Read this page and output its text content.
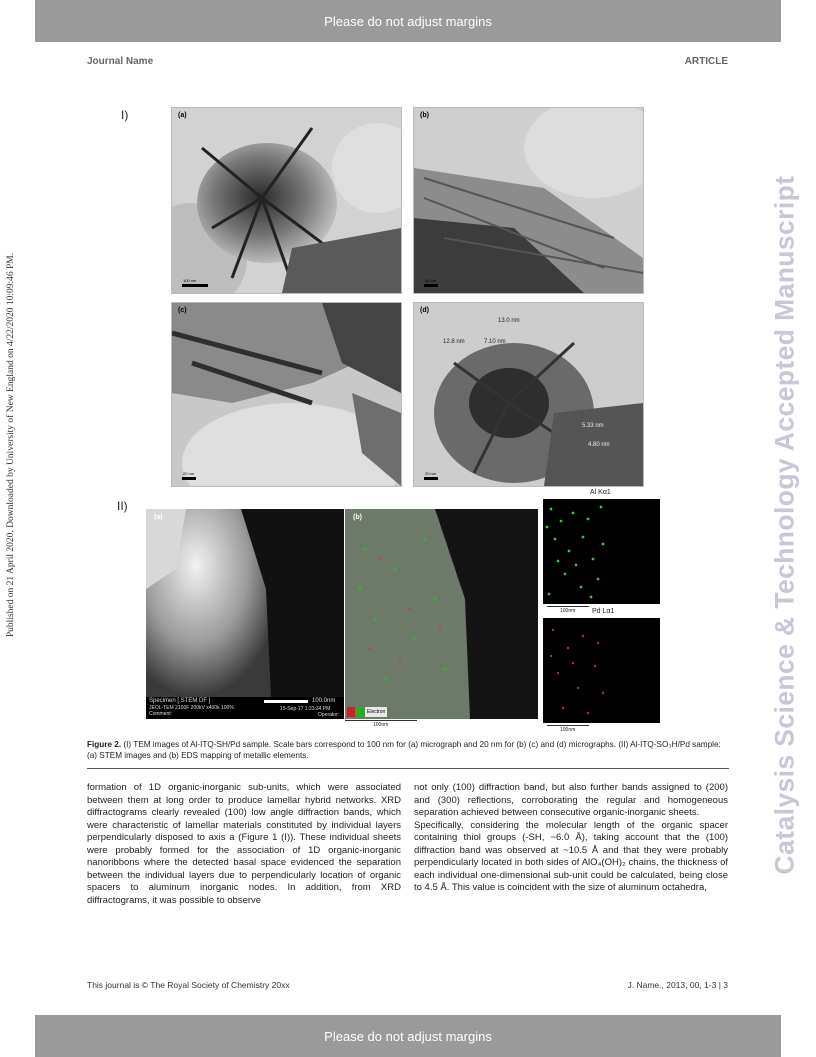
Please do not adjust margins
Journal Name	ARTICLE
Published on 21 April 2020. Downloaded by University of New England on 4/22/2020 10:09:46 PM.	Catalysis Science & Technology Accepted Manuscript
I)
II)
(a)
100 nm
(b)
20 nm
(c)
20 nm
(d)
13.0 nm
12.8 nm	7.10 nm
5.33 nm
4.80 nm
20 nm
(a)
Specimen [ STEM DF ]
JEOL-TEM 2100F 200kV x400k 100%
Comment:
100.0nm
15-Sep-17 1:33:34 PM
Operator:
(b)
Electron
100nm
Al Kα1
100nm Pd Lα1
100nm
Figure 2. (I) TEM images of Al-ITQ-SH/Pd sample. Scale bars correspond to 100 nm for (a) micrograph and 20 nm for (b) (c) and (d) micrographs. (II) Al-ITQ-SO₃H/Pd sample: (a) STEM images and (b) EDS mapping of metallic elements.

formation of 1D organic-inorganic sub-units, which were associated between them at long order to produce lamellar hybrid networks. XRD diffractograms clearly revealed (100) low angle diffraction bands, which were characteristic of lamellar materials constituted by individual layers perpendicularly disposed to axis a (Figure 1 (I)). These individual sheets were probably formed for the association of 1D organic-inorganic nanoribbons where the detected basal space evidenced the separation between the individual layers due to perpendicularly location of organic spacers to aluminum inorganic nodes. In addition, from XRD diffractograms, it was possible to observe

not only (100) diffraction band, but also further bands assigned to (200) and (300) reflections, corroborating the regular and homogeneous separation achieved between consecutive organic-inorganic sheets.

Specifically, considering the molecular length of the organic spacer containing thiol groups (-SH, ~6.0 Å), taking account that the (100) diffraction band was observed at ~10.5 Å and that they were probably perpendicularly located in both sides of AlO₄(OH)₂ chains, the thickness of each individual one-dimensional sub-unit could be calculated, being close to 4.5 Å. This value is coincident with the size of aluminum octahedra,

This journal is © The Royal Society of Chemistry 20xx	J. Name., 2013, 00, 1-3 | 3
Please do not adjust margins
